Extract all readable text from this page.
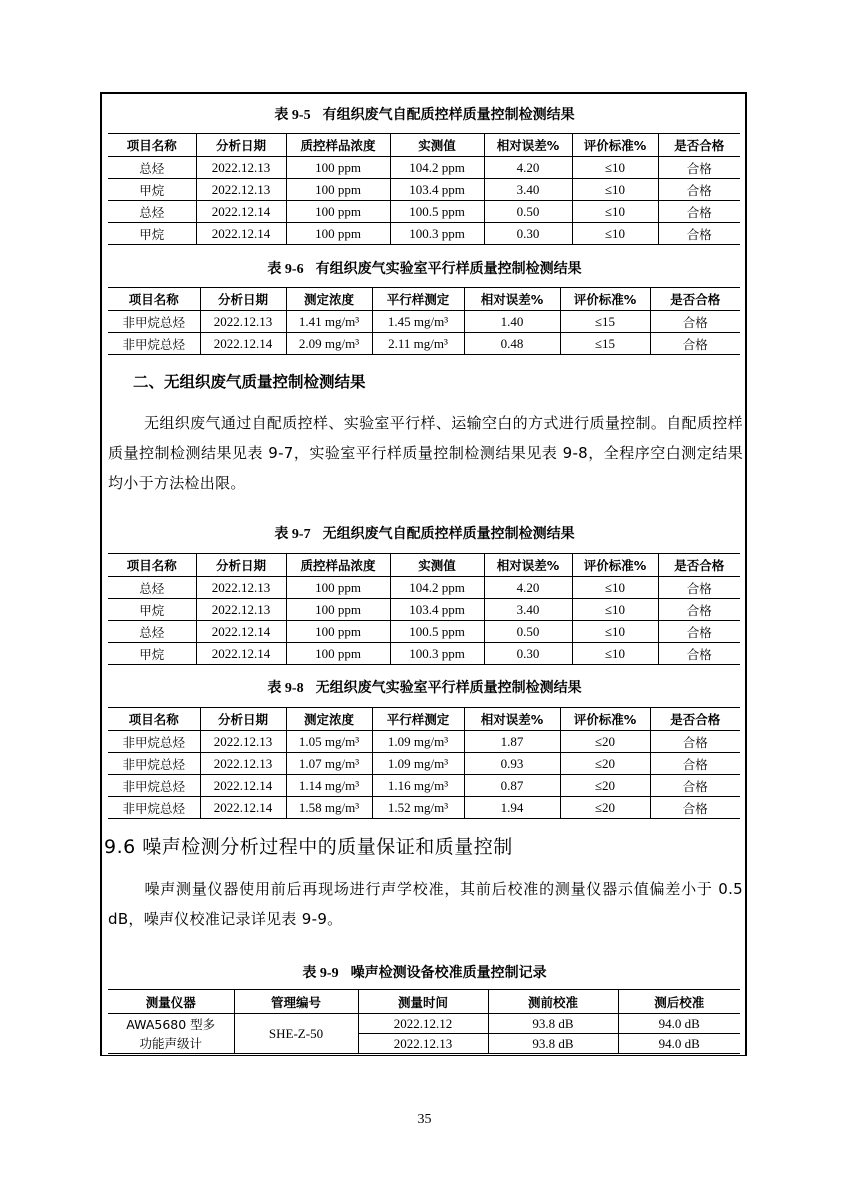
表 9-5 有组织废气自配质控样质量控制检测结果
项目名称	分析日期	质控样品浓度	实测值	相对误差%	评价标准%	是否合格
总烃	2022.12.13	100 ppm	104.2 ppm	4.20	≤10	合格
甲烷	2022.12.13	100 ppm	103.4 ppm	3.40	≤10	合格
总烃	2022.12.14	100 ppm	100.5 ppm	0.50	≤10	合格
甲烷	2022.12.14	100 ppm	100.3 ppm	0.30	≤10	合格
表 9-6 有组织废气实验室平行样质量控制检测结果
项目名称	分析日期	测定浓度	平行样测定	相对误差%	评价标准%	是否合格
非甲烷总烃	2022.12.13	1.41 mg/m³	1.45 mg/m³	1.40	≤15	合格
非甲烷总烃	2022.12.14	2.09 mg/m³	2.11 mg/m³	0.48	≤15	合格
二、无组织废气质量控制检测结果
无组织废气通过自配质控样、实验室平行样、运输空白的方式进行质量控制。自配质控样质量控制检测结果见表 9-7，实验室平行样质量控制检测结果见表 9-8，全程序空白测定结果均小于方法检出限。
表 9-7 无组织废气自配质控样质量控制检测结果
项目名称	分析日期	质控样品浓度	实测值	相对误差%	评价标准%	是否合格
总烃	2022.12.13	100 ppm	104.2 ppm	4.20	≤10	合格
甲烷	2022.12.13	100 ppm	103.4 ppm	3.40	≤10	合格
总烃	2022.12.14	100 ppm	100.5 ppm	0.50	≤10	合格
甲烷	2022.12.14	100 ppm	100.3 ppm	0.30	≤10	合格
表 9-8 无组织废气实验室平行样质量控制检测结果
项目名称	分析日期	测定浓度	平行样测定	相对误差%	评价标准%	是否合格
非甲烷总烃	2022.12.13	1.05 mg/m³	1.09 mg/m³	1.87	≤20	合格
非甲烷总烃	2022.12.13	1.07 mg/m³	1.09 mg/m³	0.93	≤20	合格
非甲烷总烃	2022.12.14	1.14 mg/m³	1.16 mg/m³	0.87	≤20	合格
非甲烷总烃	2022.12.14	1.58 mg/m³	1.52 mg/m³	1.94	≤20	合格
9.6 噪声检测分析过程中的质量保证和质量控制
噪声测量仪器使用前后再现场进行声学校准，其前后校准的测量仪器示值偏差小于 0.5 dB，噪声仪校准记录详见表 9-9。
表 9-9 噪声检测设备校准质量控制记录
测量仪器	管理编号	测量时间	测前校准	测后校准
AWA5680 型多功能声级计	SHE-Z-50	2022.12.12	93.8 dB	94.0 dB
		2022.12.13	93.8 dB	94.0 dB
35
